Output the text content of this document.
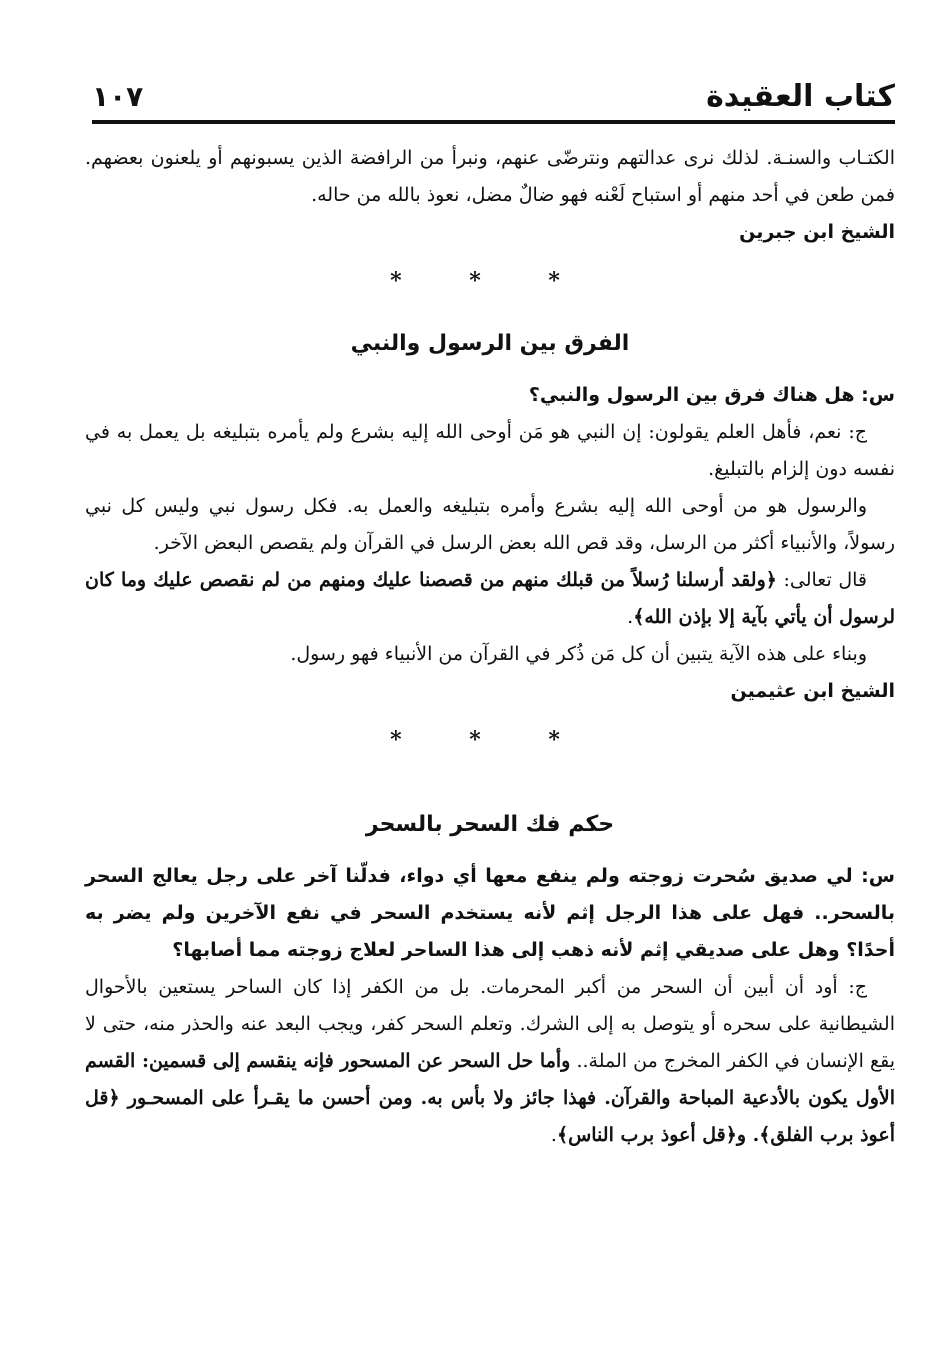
كتاب العقيدة
١٠٧

الكتـاب والسنـة. لذلك نرى عدالتهم ونترضّى عنهم، ونبرأ من الرافضة الذين يسبونهم أو يلعنون بعضهم. فمن طعن في أحد منهم أو استباح لَعْنه فهو ضالٌ مضل، نعوذ بالله من حاله.

الشيخ ابن جبرين
* * *
الفرق بين الرسول والنبي

س: هل هناك فرق بين الرسول والنبي؟

ج: نعم، فأهل العلم يقولون: إن النبي هو مَن أوحى الله إليه بشرع ولم يأمره بتبليغه بل يعمل به في نفسه دون إلزام بالتبليغ.

والرسول هو من أوحى الله إليه بشرع وأمره بتبليغه والعمل به. فكل رسول نبي وليس كل نبي رسولاً، والأنبياء أكثر من الرسل، وقد قص الله بعض الرسل في القرآن ولم يقصص البعض الآخر.

قال تعالى: ﴿ولقد أرسلنا رُسلاً من قبلك منهم من قصصنا عليك ومنهم من لم نقصص عليك وما كان لرسول أن يأتي بآية إلا بإذن الله﴾.

وبناء على هذه الآية يتبين أن كل مَن ذُكر في القرآن من الأنبياء فهو رسول.

الشيخ ابن عثيمين
* * *
حكم فك السحر بالسحر

س: لي صديق سُحرت زوجته ولم ينفع معها أي دواء، فدلّنا آخر على رجل يعالج السحر بالسحر.. فهل على هذا الرجل إثم لأنه يستخدم السحر في نفع الآخرين ولم يضر به أحدًا؟ وهل على صديقي إثم لأنه ذهب إلى هذا الساحر لعلاج زوجته مما أصابها؟

ج: أود أن أبين أن السحر من أكبر المحرمات. بل من الكفر إذا كان الساحر يستعين بالأحوال الشيطانية على سحره أو يتوصل به إلى الشرك. وتعلم السحر كفر، ويجب البعد عنه والحذر منه، حتى لا يقع الإنسان في الكفر المخرج من الملة.. وأما حل السحر عن المسحور فإنه ينقسم إلى قسمين: القسم الأول يكون بالأدعية المباحة والقرآن. فهذا جائز ولا بأس به. ومن أحسن ما يقـرأ على المسحـور ﴿قل أعوذ برب الفلق﴾. و﴿قل أعوذ برب الناس﴾.
